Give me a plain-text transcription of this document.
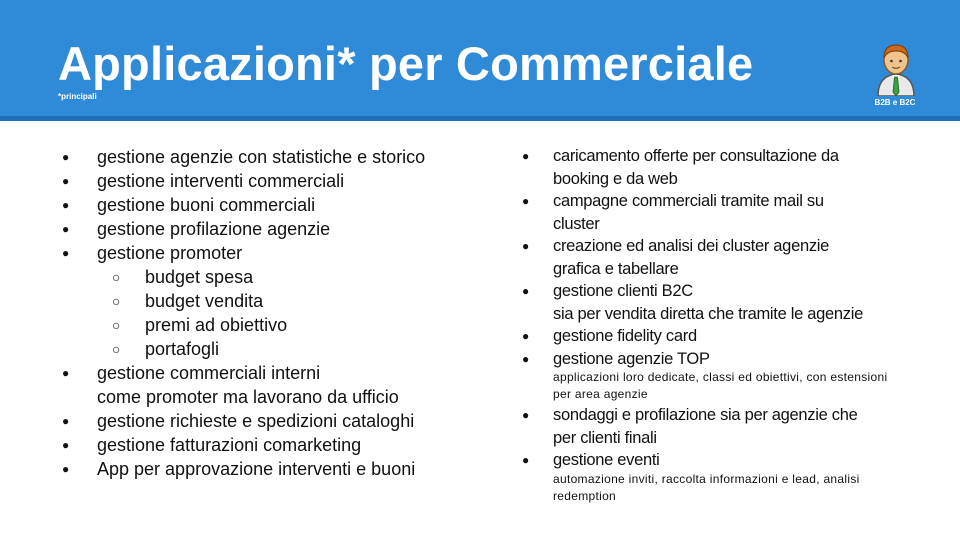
Applicazioni* per Commerciale
*principali
B2B e B2C
● gestione agenzie con statistiche e storico
● gestione interventi commerciali
● gestione buoni commerciali
● gestione profilazione agenzie
● gestione promoter
○ budget spesa
○ budget vendita
○ premi ad obiettivo
○ portafogli
● gestione commerciali interni
come promoter ma lavorano da ufficio
● gestione richieste e spedizioni cataloghi
● gestione fatturazioni comarketing
● App per approvazione interventi e buoni
● caricamento offerte per consultazione da
booking e da web
● campagne commerciali tramite mail su
cluster
● creazione ed analisi dei cluster agenzie
grafica e tabellare
● gestione clienti B2C
sia per vendita diretta che tramite le agenzie
● gestione fidelity card
● gestione agenzie TOP
applicazioni loro dedicate, classi ed obiettivi, con estensioni
per area agenzie
● sondaggi e profilazione sia per agenzie che
per clienti finali
● gestione eventi
automazione inviti, raccolta informazioni e lead, analisi
redemption
